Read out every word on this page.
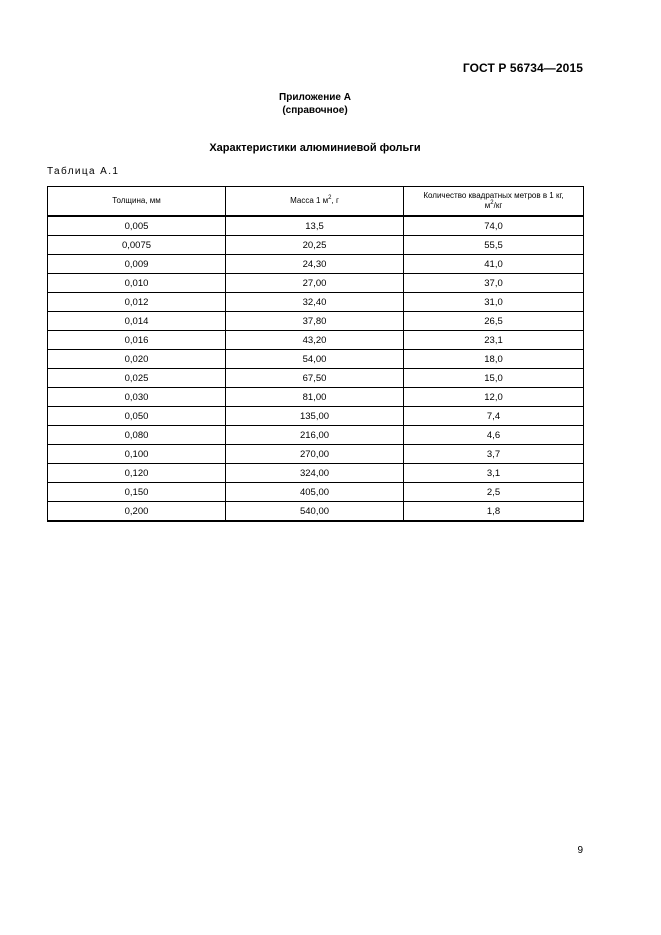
ГОСТ Р 56734—2015
Приложение А
(справочное)
Характеристики алюминиевой фольги
Таблица А.1
Толщина, мм	Масса 1 $м^2$, г	Количество квадратных метров в 1 кг,
$м^2/кг$
0,005	13,5	74,0
0,0075	20,25	55,5
0,009	24,30	41,0
0,010	27,00	37,0
0,012	32,40	31,0
0,014	37,80	26,5
0,016	43,20	23,1
0,020	54,00	18,0
0,025	67,50	15,0
0,030	81,00	12,0
0,050	135,00	7,4
0,080	216,00	4,6
0,100	270,00	3,7
0,120	324,00	3,1
0,150	405,00	2,5
0,200	540,00	1,8
9
